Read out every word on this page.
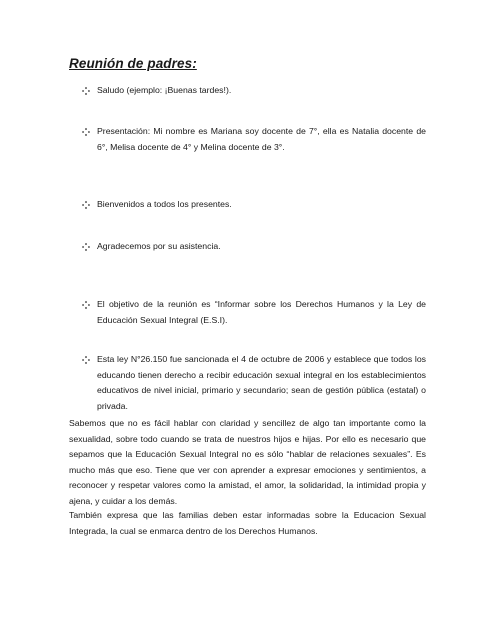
Reunión de padres:
Saludo (ejemplo: ¡Buenas tardes!).
Presentación: Mi nombre es Mariana soy docente de 7°, ella es Natalia docente de 6°, Melisa docente de 4° y Melina docente de 3°.
Bienvenidos a todos los presentes.
Agradecemos por su asistencia.
El objetivo de la reunión es “Informar sobre los Derechos Humanos y la Ley de Educación Sexual Integral (E.S.I).
Esta ley N°26.150 fue sancionada el 4 de octubre de 2006 y establece que todos los educando tienen derecho a recibir educación sexual integral en los establecimientos educativos de nivel inicial, primario y secundario; sean de gestión pública (estatal) o privada.
Sabemos que no es fácil hablar con claridad y sencillez de algo tan importante como la sexualidad, sobre todo cuando se trata de nuestros hijos e hijas. Por ello es necesario que sepamos que la Educación Sexual Integral no es sólo “hablar de relaciones sexuales”. Es mucho más que eso. Tiene que ver con aprender a expresar emociones y sentimientos, a reconocer y respetar valores como la amistad, el amor, la solidaridad, la intimidad propia y ajena, y cuidar a los demás.
También expresa que las familias deben estar informadas sobre la Educacion Sexual Integrada, la cual se enmarca dentro de los Derechos Humanos.
